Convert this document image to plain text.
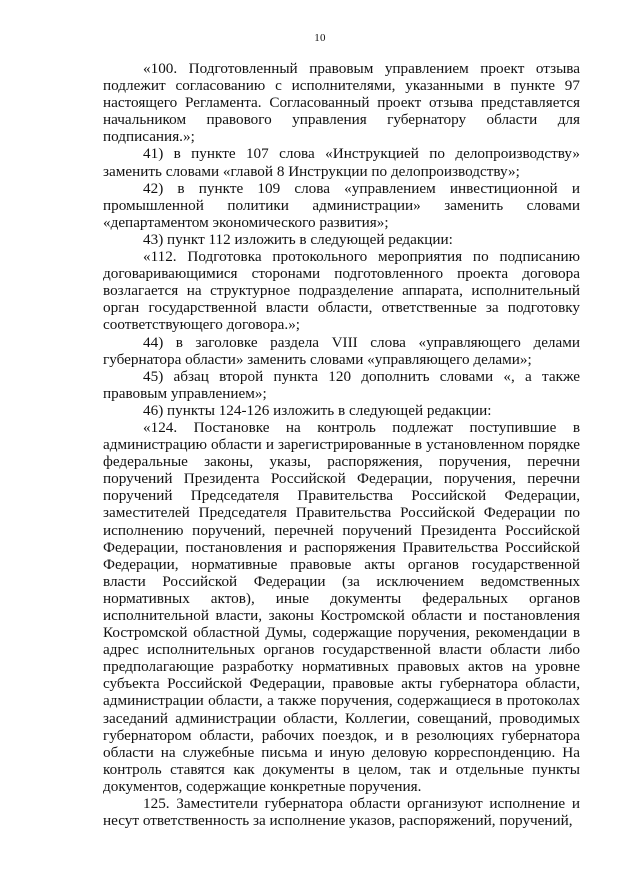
10

«100. Подготовленный правовым управлением проект отзыва подлежит согласованию с исполнителями, указанными в пункте 97 настоящего Регламента. Согласованный проект отзыва представляется начальником правового управления губернатору области для подписания.»;

41) в пункте 107 слова «Инструкцией по делопроизводству» заменить словами «главой 8 Инструкции по делопроизводству»;

42) в пункте 109 слова «управлением инвестиционной и промышленной политики администрации» заменить словами «департаментом экономического развития»;

43) пункт 112 изложить в следующей редакции:

«112. Подготовка протокольного мероприятия по подписанию договаривающимися сторонами подготовленного проекта договора возлагается на структурное подразделение аппарата, исполнительный орган государственной власти области, ответственные за подготовку соответствующего договора.»;

44) в заголовке раздела VIII слова «управляющего делами губернатора области» заменить словами «управляющего делами»;

45) абзац второй пункта 120 дополнить словами «, а также правовым управлением»;

46) пункты 124-126 изложить в следующей редакции:

«124. Постановке на контроль подлежат поступившие в администрацию области и зарегистрированные в установленном порядке федеральные законы, указы, распоряжения, поручения, перечни поручений Президента Российской Федерации, поручения, перечни поручений Председателя Правительства Российской Федерации, заместителей Председателя Правительства Российской Федерации по исполнению поручений, перечней поручений Президента Российской Федерации, постановления и распоряжения Правительства Российской Федерации, нормативные правовые акты органов государственной власти Российской Федерации (за исключением ведомственных нормативных актов), иные документы федеральных органов исполнительной власти, законы Костромской области и постановления Костромской областной Думы, содержащие поручения, рекомендации в адрес исполнительных органов государственной власти области либо предполагающие разработку нормативных правовых актов на уровне субъекта Российской Федерации, правовые акты губернатора области, администрации области, а также поручения, содержащиеся в протоколах заседаний администрации области, Коллегии, совещаний, проводимых губернатором области, рабочих поездок, и в резолюциях губернатора области на служебные письма и иную деловую корреспонденцию. На контроль ставятся как документы в целом, так и отдельные пункты документов, содержащие конкретные поручения.

125. Заместители губернатора области организуют исполнение и несут ответственность за исполнение указов, распоряжений, поручений,
